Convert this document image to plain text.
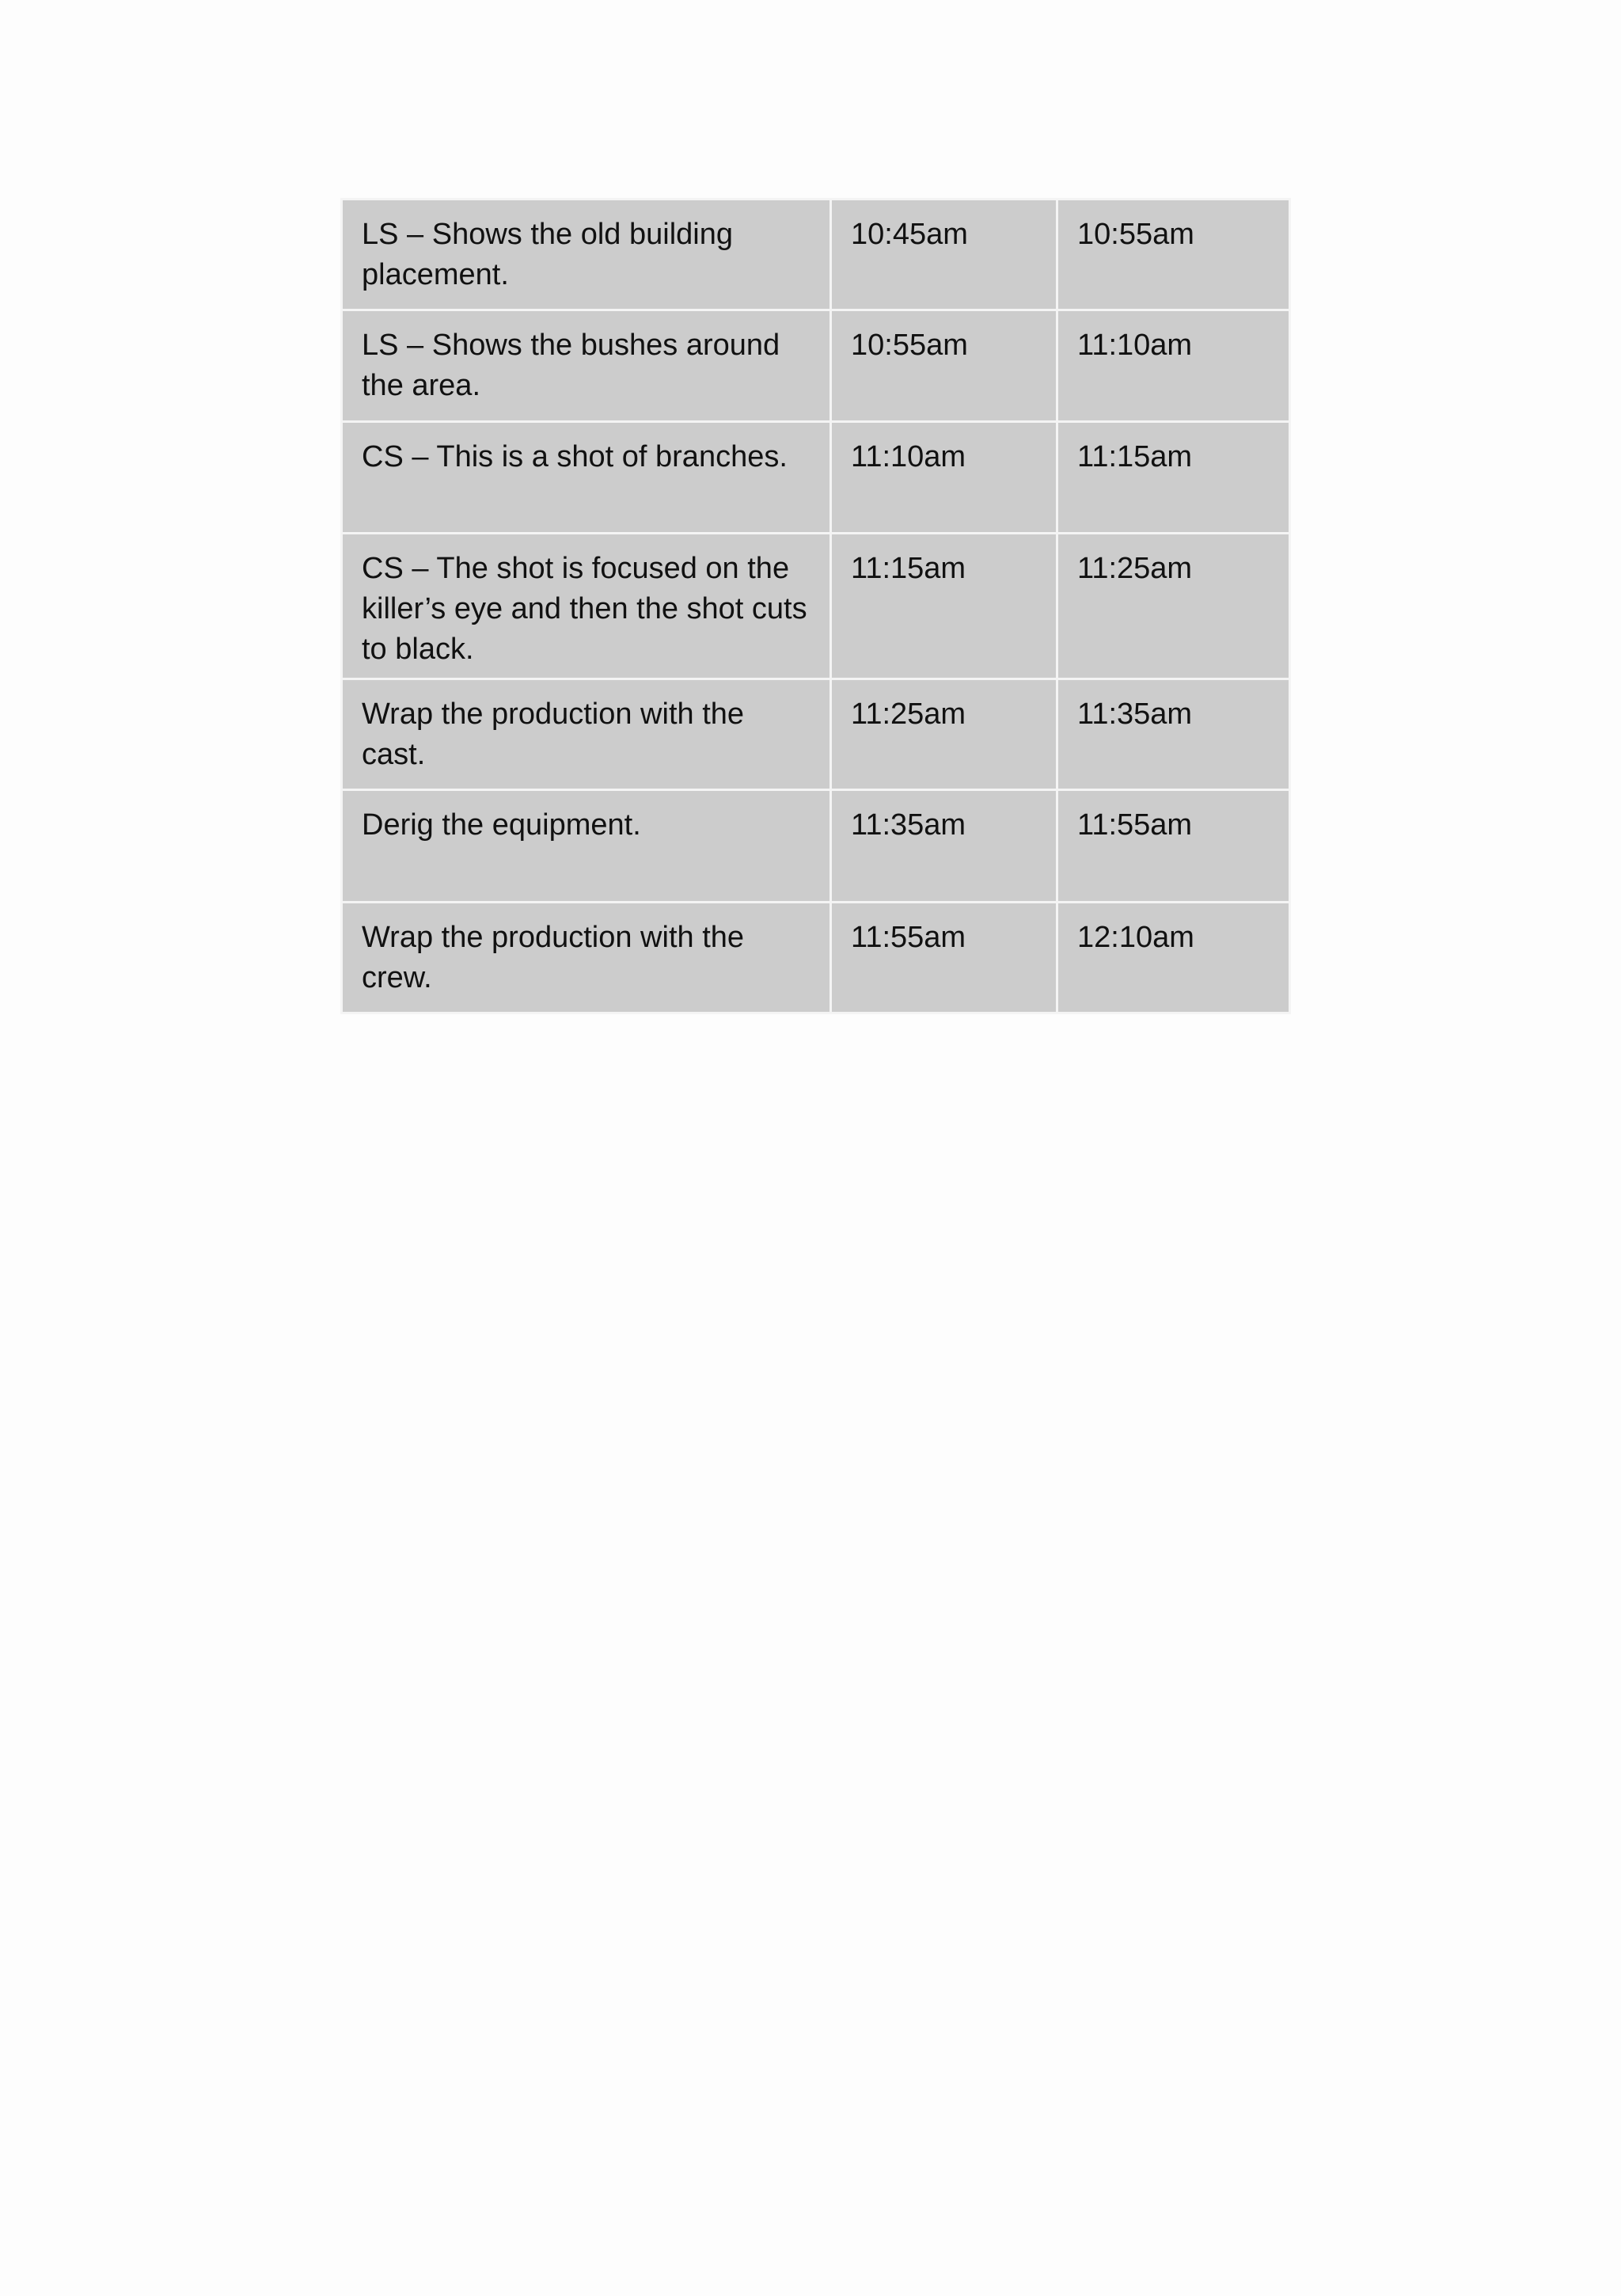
LS – Shows the old building placement.	10:45am	10:55am
LS – Shows the bushes around the area.	10:55am	11:10am
CS – This is a shot of branches.	11:10am	11:15am
CS – The shot is focused on the killer’s eye and then the shot cuts to black.	11:15am	11:25am
Wrap the production with the cast.	11:25am	11:35am
Derig the equipment.	11:35am	11:55am
Wrap the production with the crew.	11:55am	12:10am
